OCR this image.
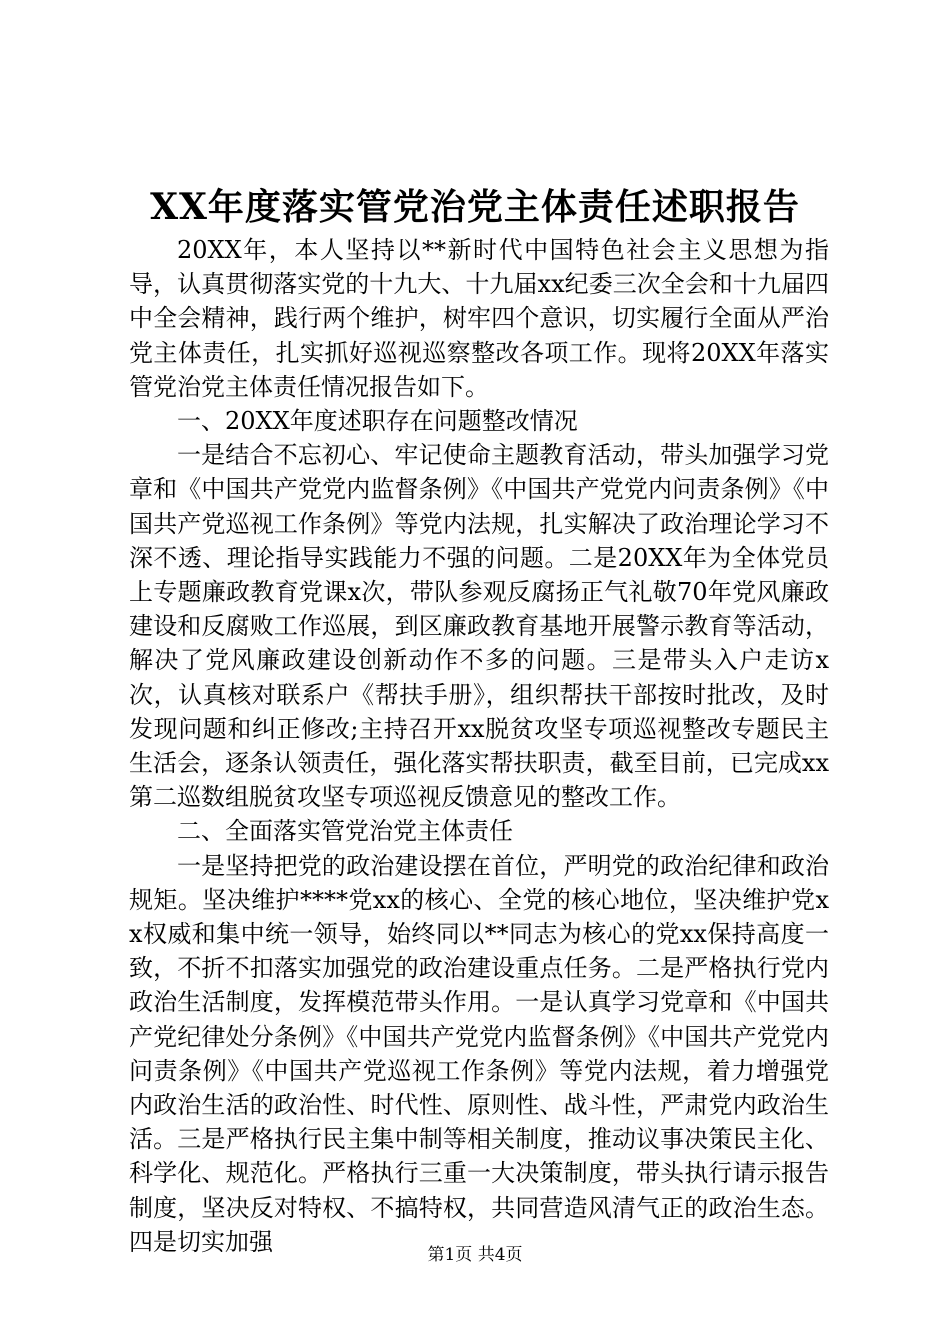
XX年度落实管党治党主体责任述职报告

20XX年，本人坚持以**新时代中国特色社会主义思想为指导，认真贯彻落实党的十九大、十九届xx纪委三次全会和十九届四中全会精神，践行两个维护，树牢四个意识，切实履行全面从严治党主体责任，扎实抓好巡视巡察整改各项工作。现将20XX年落实管党治党主体责任情况报告如下。

一、20XX年度述职存在问题整改情况

一是结合不忘初心、牢记使命主题教育活动，带头加强学习党章和《中国共产党党内监督条例》《中国共产党党内问责条例》《中国共产党巡视工作条例》等党内法规，扎实解决了政治理论学习不深不透、理论指导实践能力不强的问题。二是20XX年为全体党员上专题廉政教育党课x次，带队参观反腐扬正气礼敬70年党风廉政建设和反腐败工作巡展，到区廉政教育基地开展警示教育等活动，解决了党风廉政建设创新动作不多的问题。三是带头入户走访x次，认真核对联系户《帮扶手册》，组织帮扶干部按时批改，及时发现问题和纠正修改;主持召开xx脱贫攻坚专项巡视整改专题民主生活会，逐条认领责任，强化落实帮扶职责，截至目前，已完成xx第二巡数组脱贫攻坚专项巡视反馈意见的整改工作。

二、全面落实管党治党主体责任

一是坚持把党的政治建设摆在首位，严明党的政治纪律和政治规矩。坚决维护****党xx的核心、全党的核心地位，坚决维护党xx权威和集中统一领导，始终同以**同志为核心的党xx保持高度一致，不折不扣落实加强党的政治建设重点任务。二是严格执行党内政治生活制度，发挥模范带头作用。一是认真学习党章和《中国共产党纪律处分条例》《中国共产党党内监督条例》《中国共产党党内问责条例》《中国共产党巡视工作条例》等党内法规，着力增强党内政治生活的政治性、时代性、原则性、战斗性，严肃党内政治生活。三是严格执行民主集中制等相关制度，推动议事决策民主化、科学化、规范化。严格执行三重一大决策制度，带头执行请示报告制度，坚决反对特权、不搞特权，共同营造风清气正的政治生态。四是切实加强	第1页 共4页
